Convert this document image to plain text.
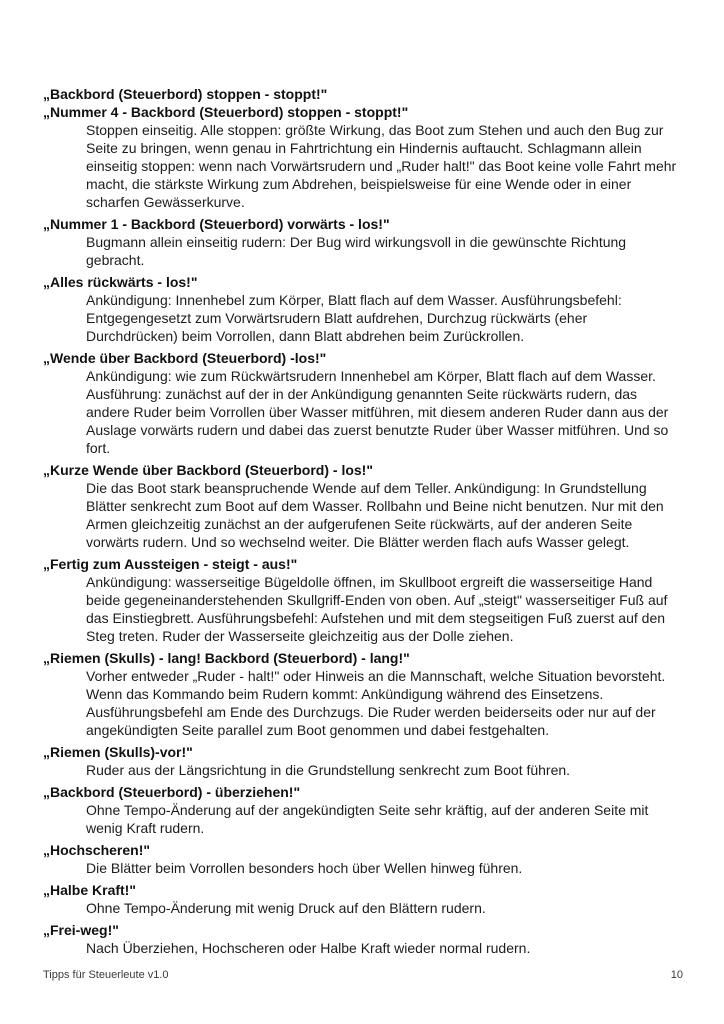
„Backbord (Steuerbord) stoppen - stoppt!"
„Nummer 4 - Backbord (Steuerbord) stoppen - stoppt!"
Stoppen einseitig. Alle stoppen: größte Wirkung, das Boot zum Stehen und auch den Bug zur
Seite zu bringen, wenn genau in Fahrtrichtung ein Hindernis auftaucht. Schlagmann allein
einseitig stoppen: wenn nach Vorwärtsrudern und „Ruder halt!" das Boot keine volle Fahrt mehr
macht, die stärkste Wirkung zum Abdrehen, beispielsweise für eine Wende oder in einer
scharfen Gewässerkurve.
„Nummer 1 - Backbord (Steuerbord) vorwärts - los!"
Bugmann allein einseitig rudern: Der Bug wird wirkungsvoll in die gewünschte Richtung
gebracht.
„Alles rückwärts - los!"
Ankündigung: Innenhebel zum Körper, Blatt flach auf dem Wasser. Ausführungsbefehl:
Entgegengesetzt zum Vorwärtsrudern Blatt aufdrehen, Durchzug rückwärts (eher
Durchdrücken) beim Vorrollen, dann Blatt abdrehen beim Zurückrollen.
„Wende über Backbord (Steuerbord) -los!"
Ankündigung: wie zum Rückwärtsrudern Innenhebel am Körper, Blatt flach auf dem Wasser.
Ausführung: zunächst auf der in der Ankündigung genannten Seite rückwärts rudern, das
andere Ruder beim Vorrollen über Wasser mitführen, mit diesem anderen Ruder dann aus der
Auslage vorwärts rudern und dabei das zuerst benutzte Ruder über Wasser mitführen. Und so
fort.
„Kurze Wende über Backbord (Steuerbord) - los!"
Die das Boot stark beanspruchende Wende auf dem Teller. Ankündigung: In Grundstellung
Blätter senkrecht zum Boot auf dem Wasser. Rollbahn und Beine nicht benutzen. Nur mit den
Armen gleichzeitig zunächst an der aufgerufenen Seite rückwärts, auf der anderen Seite
vorwärts rudern. Und so wechselnd weiter. Die Blätter werden flach aufs Wasser gelegt.
„Fertig zum Aussteigen - steigt - aus!"
Ankündigung: wasserseitige Bügeldolle öffnen, im Skullboot ergreift die wasserseitige Hand
beide gegeneinanderstehenden Skullgriff-Enden von oben. Auf „steigt" wasserseitiger Fuß auf
das Einstiegbrett. Ausführungsbefehl: Aufstehen und mit dem stegseitigen Fuß zuerst auf den
Steg treten. Ruder der Wasserseite gleichzeitig aus der Dolle ziehen.
„Riemen (Skulls) - lang! Backbord (Steuerbord) - lang!"
Vorher entweder „Ruder - halt!" oder Hinweis an die Mannschaft, welche Situation bevorsteht.
Wenn das Kommando beim Rudern kommt: Ankündigung während des Einsetzens.
Ausführungsbefehl am Ende des Durchzugs. Die Ruder werden beiderseits oder nur auf der
angekündigten Seite parallel zum Boot genommen und dabei festgehalten.
„Riemen (Skulls)-vor!"
Ruder aus der Längsrichtung in die Grundstellung senkrecht zum Boot führen.
„Backbord (Steuerbord) - überziehen!"
Ohne Tempo-Änderung auf der angekündigten Seite sehr kräftig, auf der anderen Seite mit
wenig Kraft rudern.
„Hochscheren!"
Die Blätter beim Vorrollen besonders hoch über Wellen hinweg führen.
„Halbe Kraft!"
Ohne Tempo-Änderung mit wenig Druck auf den Blättern rudern.
„Frei-weg!"
Nach Überziehen, Hochscheren oder Halbe Kraft wieder normal rudern.
Tipps für Steuerleute v1.0	10
